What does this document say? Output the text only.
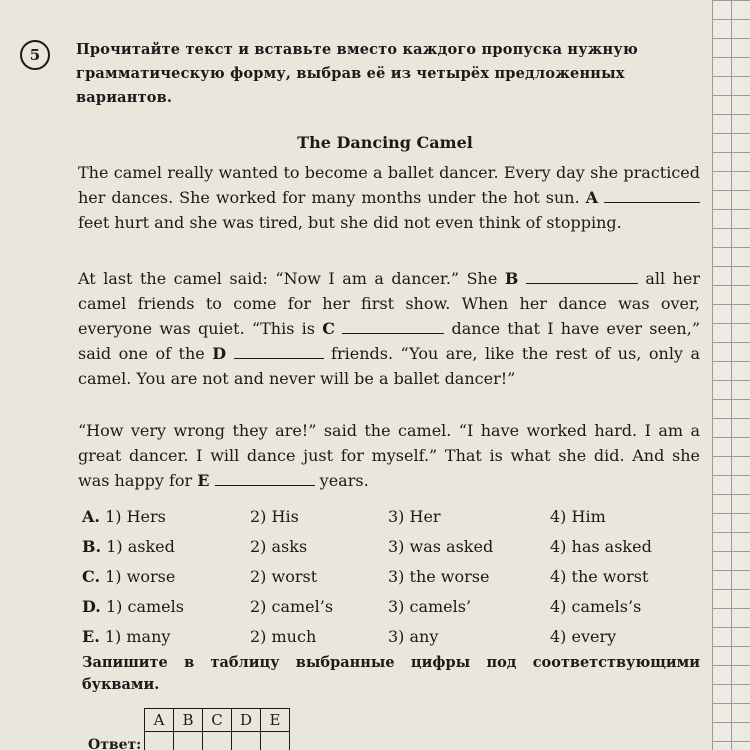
5 Прочитайте текст и вставьте вместо каждого пропуска нужную грамматическую форму, выбрав её из четырёх предложенных вариантов.
The Dancing Camel
The camel really wanted to become a ballet dancer. Every day she practiced her dances. She worked for many months under the hot sun. A  feet hurt and she was tired, but she did not even think of stopping.
At last the camel said: “Now I am a dancer.” She B	all her camel friends to come for her first show. When her dance was over, everyone was quiet. “This is C	dance that I have ever seen,” said one of the D	friends. “You are, like the rest of us, only a camel. You are not and never will be a ballet dancer!”
“How very wrong they are!” said the camel. “I have worked hard. I am a great dancer. I will dance just for myself.” That is what she did. And she was happy for E	years.
A. 1) Hers	2) His	3) Her	4) Him
B. 1) asked	2) asks	3) was asked	4) has asked
C. 1) worse	2) worst	3) the worse	4) the worst
D. 1) camels	2) camel’s	3) camels’	4) camels’s
E. 1) many	2) much	3) any	4) every
Запишите в таблицу выбранные цифры под соответствующими буквами.
A	B	C	D	E

Ответ:
